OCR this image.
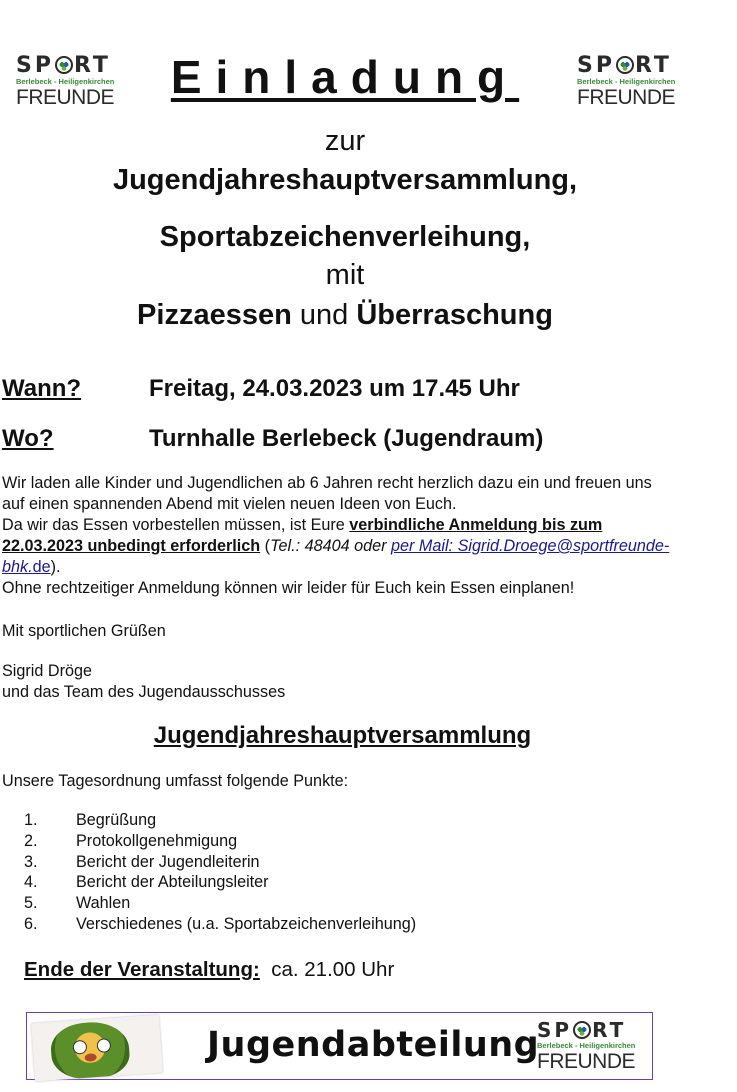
SP RT
Berlebeck - Heiligenkirchen
FREUNDE
SP RT
Berlebeck - Heiligenkirchen
FREUNDE
Einladung
zur
Jugendjahreshauptversammlung,
Sportabzeichenverleihung,
mit
Pizzaessen und Überraschung
Wann?	Freitag, 24.03.2023 um 17.45 Uhr
Wo?	Turnhalle Berlebeck (Jugendraum)
Wir laden alle Kinder und Jugendlichen ab 6 Jahren recht herzlich dazu ein und freuen uns auf einen spannenden Abend mit vielen neuen Ideen von Euch.
Da wir das Essen vorbestellen müssen, ist Eure verbindliche Anmeldung bis zum 22.03.2023 unbedingt erforderlich (Tel.: 48404 oder per Mail: Sigrid.Droege@sportfreunde-bhk.de).
Ohne rechtzeitiger Anmeldung können wir leider für Euch kein Essen einplanen!
Mit sportlichen Grüßen
Sigrid Dröge
und das Team des Jugendausschusses
Jugendjahreshauptversammlung
Unsere Tagesordnung umfasst folgende Punkte:
1. Begrüßung
2. Protokollgenehmigung
3. Bericht der Jugendleiterin
4. Bericht der Abteilungsleiter
5. Wahlen
6. Verschiedenes (u.a. Sportabzeichenverleihung)
Ende der Veranstaltung: ca. 21.00 Uhr
Jugendabteilung
SP RT
Berlebeck - Heiligenkirchen
FREUNDE
